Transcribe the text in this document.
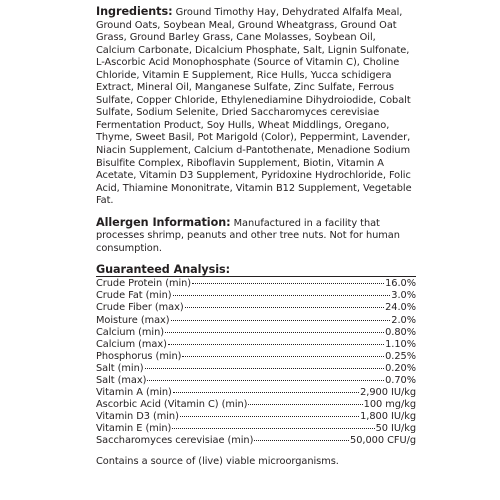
Ingredients: Ground Timothy Hay, Dehydrated Alfalfa Meal, Ground Oats, Soybean Meal, Ground Wheatgrass, Ground Oat Grass, Ground Barley Grass, Cane Molasses, Soybean Oil, Calcium Carbonate, Dicalcium Phosphate, Salt, Lignin Sulfonate, L-Ascorbic Acid Monophosphate (Source of Vitamin C), Choline Chloride, Vitamin E Supplement, Rice Hulls, Yucca schidigera Extract, Mineral Oil, Manganese Sulfate, Zinc Sulfate, Ferrous Sulfate, Copper Chloride, Ethylenediamine Dihydroiodide, Cobalt Sulfate, Sodium Selenite, Dried Saccharomyces cerevisiae Fermentation Product, Soy Hulls, Wheat Middlings, Oregano, Thyme, Sweet Basil, Pot Marigold (Color), Peppermint, Lavender, Niacin Supplement, Calcium d-Pantothenate, Menadione Sodium Bisulfite Complex, Riboflavin Supplement, Biotin, Vitamin A Acetate, Vitamin D3 Supplement, Pyridoxine Hydrochloride, Folic Acid, Thiamine Mononitrate, Vitamin B12 Supplement, Vegetable Fat.

Allergen Information: Manufactured in a facility that processes shrimp, peanuts and other tree nuts. Not for human consumption.

Guaranteed Analysis:
Crude Protein (min)	16.0%
Crude Fat (min)	3.0%
Crude Fiber (max)	24.0%
Moisture (max)	2.0%
Calcium (min)	0.80%
Calcium (max)	1.10%
Phosphorus (min)	0.25%
Salt (min)	0.20%
Salt (max)	0.70%
Vitamin A (min)	2,900 IU/kg
Ascorbic Acid (Vitamin C) (min)	100 mg/kg
Vitamin D3 (min)	1,800 IU/kg
Vitamin E (min)	50 IU/kg
Saccharomyces cerevisiae (min)	50,000 CFU/g
Contains a source of (live) viable microorganisms.
